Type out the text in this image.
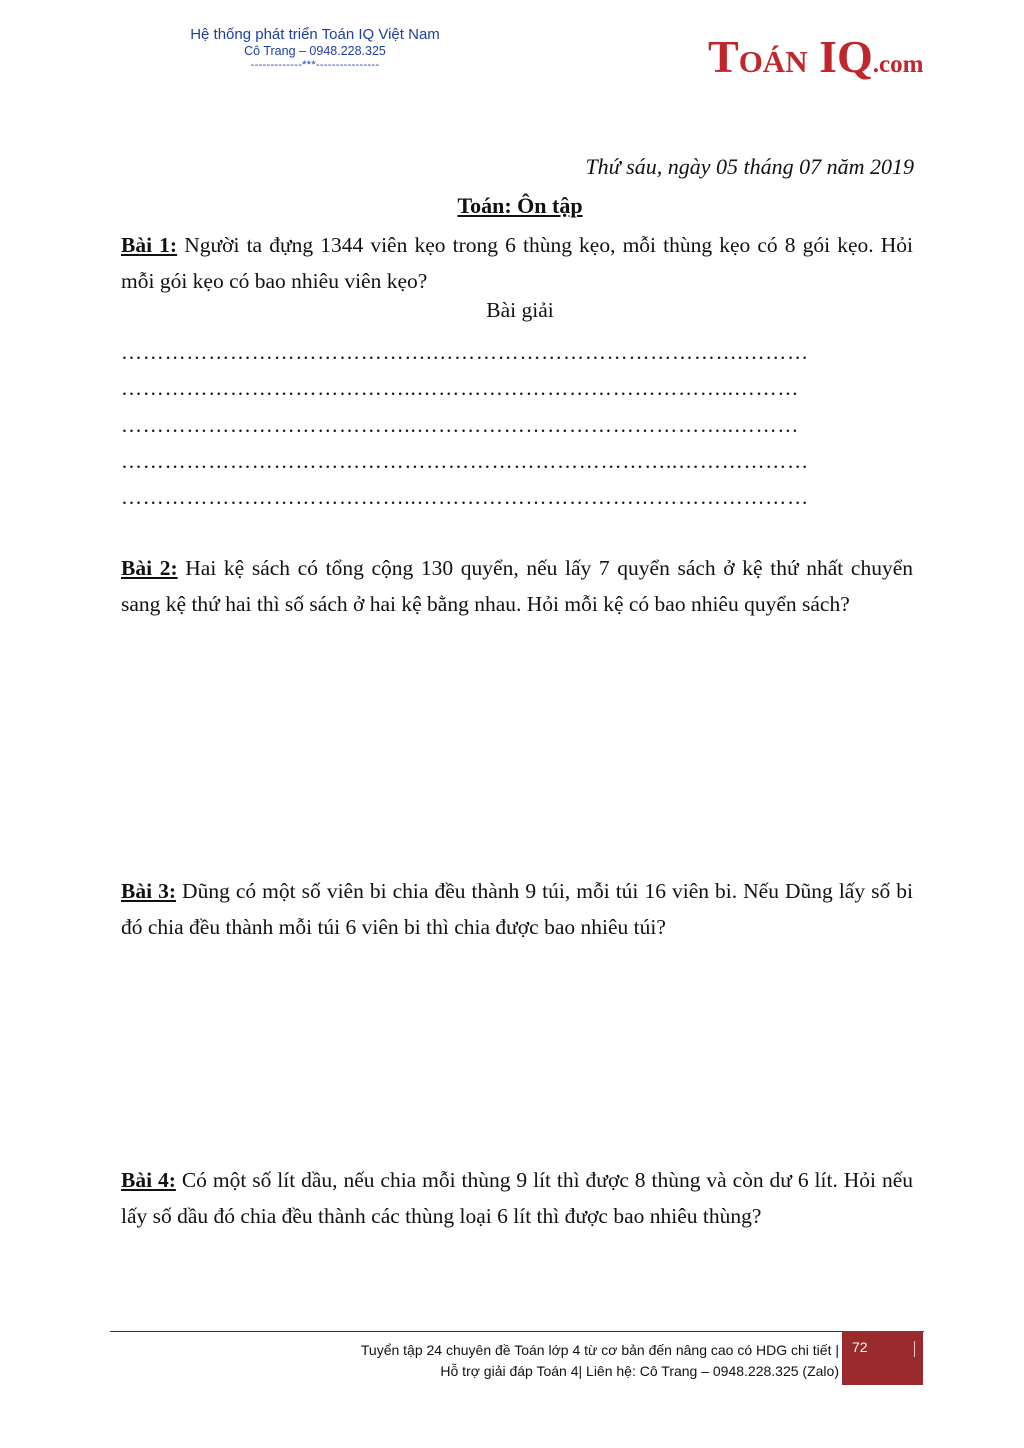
Hệ thống phát triển Toán IQ Việt Nam
Cô Trang – 0948.228.325
-------------***----------------	TOÁN IQ.com
Thứ sáu, ngày 05 tháng 07 năm 2019
Toán: Ôn tập
Bài 1: Người ta đựng 1344 viên kẹo trong 6 thùng kẹo, mỗi thùng kẹo có 8 gói kẹo. Hỏi mỗi gói kẹo có bao nhiêu viên kẹo?
Bài giải
…………………………………….…………………………………….………
…………………………………..……………………………………..………
…………………………………..……………………………………..………
…………………………………………………………………..………………
…………………………………..………………………………………………
Bài 2: Hai kệ sách có tổng cộng 130 quyển, nếu lấy 7 quyển sách ở kệ thứ nhất chuyển sang kệ thứ hai thì số sách ở hai kệ bằng nhau. Hỏi mỗi kệ có bao nhiêu quyển sách?
Bài 3: Dũng có một số viên bi chia đều thành 9 túi, mỗi túi 16 viên bi. Nếu Dũng lấy số bi đó chia đều thành mỗi túi 6 viên bi thì chia được bao nhiêu túi?
Bài 4: Có một số lít dầu, nếu chia mỗi thùng 9 lít thì được 8 thùng và còn dư 6 lít. Hỏi nếu lấy số dầu đó chia đều thành các thùng loại 6 lít thì được bao nhiêu thùng?
Tuyển tập 24 chuyên đề Toán lớp 4 từ cơ bản đến nâng cao có HDG chi tiết |
Hỗ trợ giải đáp Toán 4| Liên hệ: Cô Trang – 0948.228.325 (Zalo)
72
